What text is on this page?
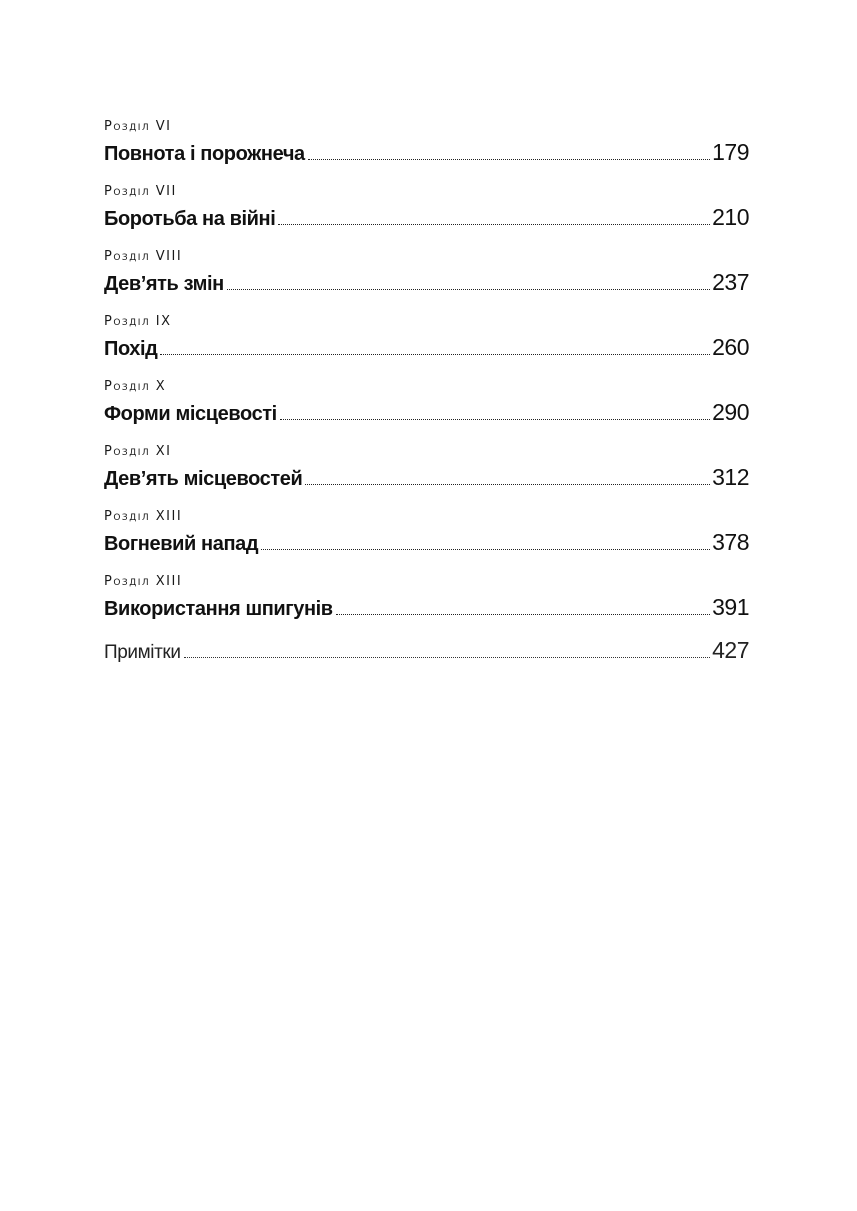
Розділ VI
Повнота і порожнеча	179
Розділ VII
Боротьба на війні	210
Розділ VIII
Дев’ять змін	237
Розділ IX
Похід	260
Розділ X
Форми місцевості	290
Розділ XI
Дев’ять місцевостей	312
Розділ XIII
Вогневий напад	378
Розділ XIII
Використання шпигунів	391
Примітки	427
